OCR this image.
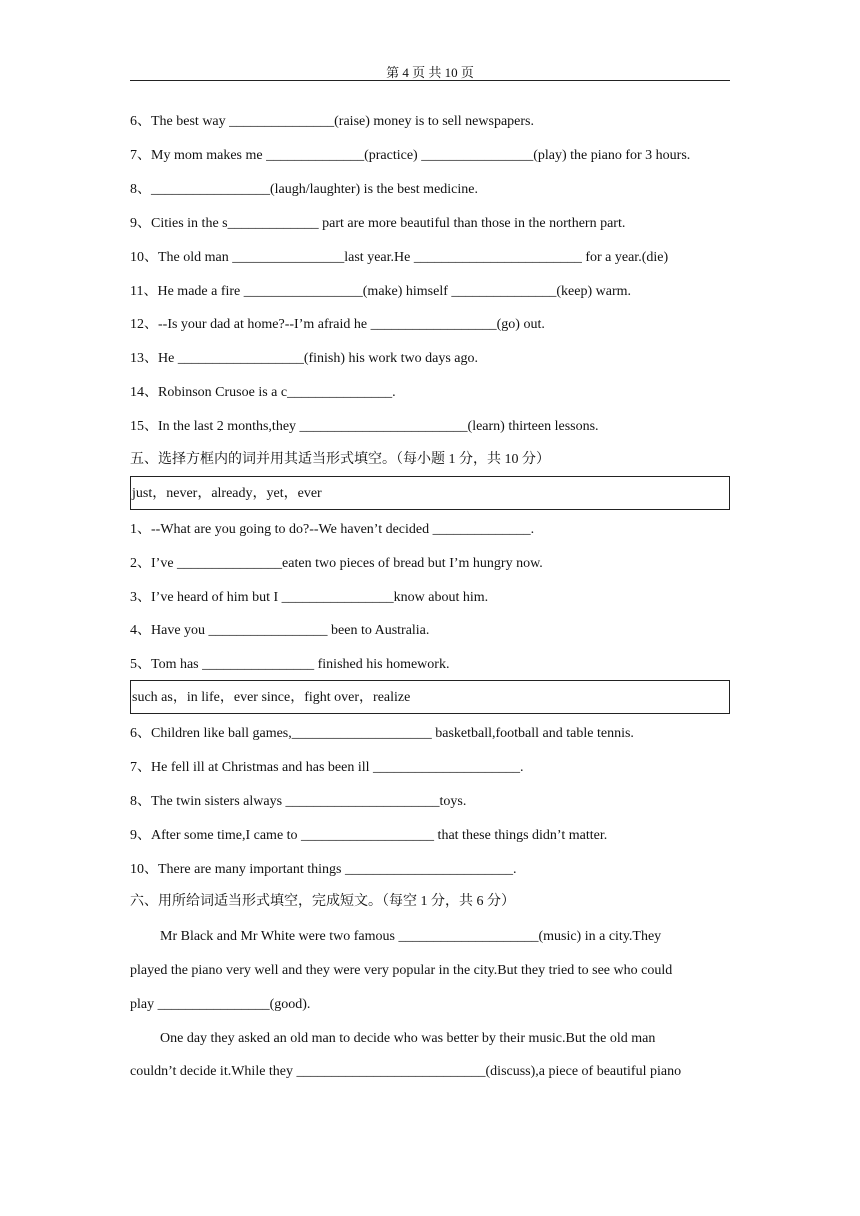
第 4 页 共 10 页
6、The best way _______________(raise) money is to sell newspapers.
7、My mom makes me ______________(practice) ________________(play) the piano for 3 hours.
8、_________________(laugh/laughter) is the best medicine.
9、Cities in the s_____________ part are more beautiful than those in the northern part.
10、The old man ________________last year.He ________________________ for a year.(die)
11、He made a fire _________________(make) himself _______________(keep) warm.
12、--Is your dad at home?--I’m afraid he __________________(go) out.
13、He __________________(finish) his work two days ago.
14、Robinson Crusoe is a c_______________.
15、In the last 2 months,they ________________________(learn) thirteen lessons.
五、选择方框内的词并用其适当形式填空。（每小题 1 分，共 10 分）
just，never，already，yet，ever
1、--What are you going to do?--We haven’t decided ______________.
2、I’ve _______________eaten two pieces of bread but I’m hungry now.
3、I’ve heard of him but I ________________know about him.
4、Have you _________________ been to Australia.
5、Tom has ________________ finished his homework.
such as，in life，ever since，fight over，realize
6、Children like ball games,____________________ basketball,football and table tennis.
7、He fell ill at Christmas and has been ill _____________________.
8、The twin sisters always ______________________toys.
9、After some time,I came to ___________________ that these things didn’t matter.
10、There are many important things ________________________.
六、用所给词适当形式填空，完成短文。（每空 1 分，共 6 分）
Mr Black and Mr White were two famous ____________________(music) in a city.They
played the piano very well and they were very popular in the city.But they tried to see who could
play ________________(good).
One day they asked an old man to decide who was better by their music.But the old man
couldn’t decide it.While they ___________________________(discuss),a piece of beautiful piano
